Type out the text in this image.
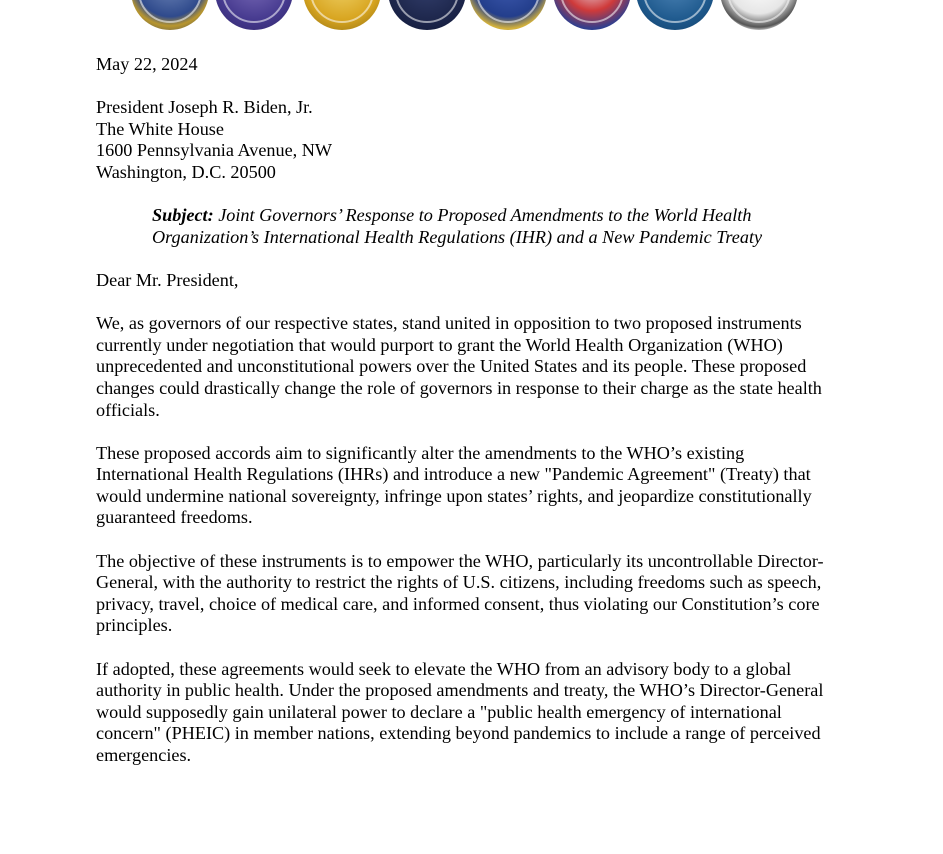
May 22, 2024
President Joseph R. Biden, Jr.
The White House
1600 Pennsylvania Avenue, NW
Washington, D.C. 20500
Subject: Joint Governors’ Response to Proposed Amendments to the World Health Organization’s International Health Regulations (IHR) and a New Pandemic Treaty
Dear Mr. President,

We, as governors of our respective states, stand united in opposition to two proposed instruments currently under negotiation that would purport to grant the World Health Organization (WHO) unprecedented and unconstitutional powers over the United States and its people. These proposed changes could drastically change the role of governors in response to their charge as the state health officials.

These proposed accords aim to significantly alter the amendments to the WHO’s existing International Health Regulations (IHRs) and introduce a new "Pandemic Agreement" (Treaty) that would undermine national sovereignty, infringe upon states’ rights, and jeopardize constitutionally guaranteed freedoms.

The objective of these instruments is to empower the WHO, particularly its uncontrollable Director-General, with the authority to restrict the rights of U.S. citizens, including freedoms such as speech, privacy, travel, choice of medical care, and informed consent, thus violating our Constitution’s core principles.

If adopted, these agreements would seek to elevate the WHO from an advisory body to a global authority in public health. Under the proposed amendments and treaty, the WHO’s Director-General would supposedly gain unilateral power to declare a "public health emergency of international concern" (PHEIC) in member nations, extending beyond pandemics to include a range of perceived emergencies.
